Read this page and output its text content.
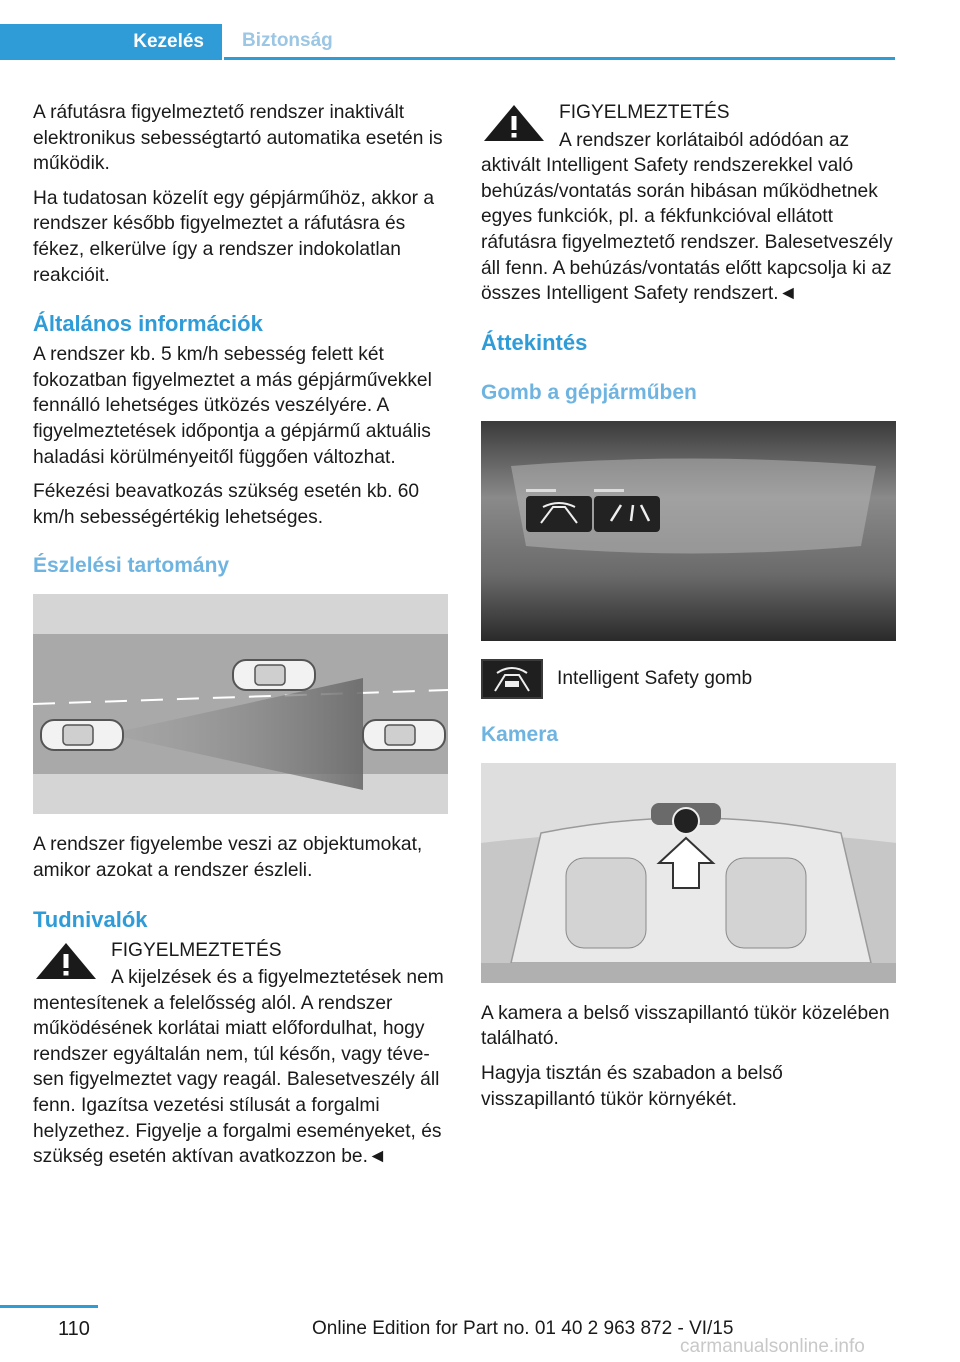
Kezelés Biztonság

A ráfutásra figyelmeztető rendszer inaktivált elektronikus sebességtartó automatika esetén is működik.

Ha tudatosan közelít egy gépjárműhöz, akkor a rendszer később figyelmeztet a ráfutásra és fékez, elkerülve így a rendszer indokolatlan reakcióit.

Általános információk

A rendszer kb. 5 km/h sebesség felett két fokozatban figyelmeztet a más gépjárművekkel fennálló lehetséges ütközés veszélyére. A figyelmeztetések időpontja a gépjármű aktuális haladási körülményeitől függően változhat.

Fékezési beavatkozás szükség esetén kb. 60 km/h sebességértékig lehetséges.

Észlelési tartomány

A rendszer figyelembe veszi az objektumokat, amikor azokat a rendszer észleli.

Tudnivalók
FIGYELMEZTETÉS
A kijelzések és a figyelmeztetések nem mentesítenek a felelősség alól. A rendszer működésének korlátai miatt előfordulhat, hogy rendszer egyáltalán nem, túl későn, vagy tévesen figyelmeztet vagy reagál. Balesetveszély áll fenn. Igazítsa vezetési stílusát a forgalmi helyzethez. Figyelje a forgalmi eseményeket, és szükség esetén aktívan avatkozzon be.◄
FIGYELMEZTETÉS
A rendszer korlátaiból adódóan az aktivált Intelligent Safety rendszerekkel való behúzás/vontatás során hibásan működhetnek egyes funkciók, pl. a fékfunkcióval ellátott ráfutásra figyelmeztető rendszer. Balesetveszély áll fenn. A behúzás/vontatás előtt kapcsolja ki az összes Intelligent Safety rendszert.◄
Áttekintés
Gomb a gépjárműben
Intelligent Safety gomb
Kamera

A kamera a belső visszapillantó tükör közelében található.

Hagyja tisztán és szabadon a belső visszapillantó tükör környékét.

110	Online Edition for Part no. 01 40 2 963 872 - VI/15
carmanualsonline.info
